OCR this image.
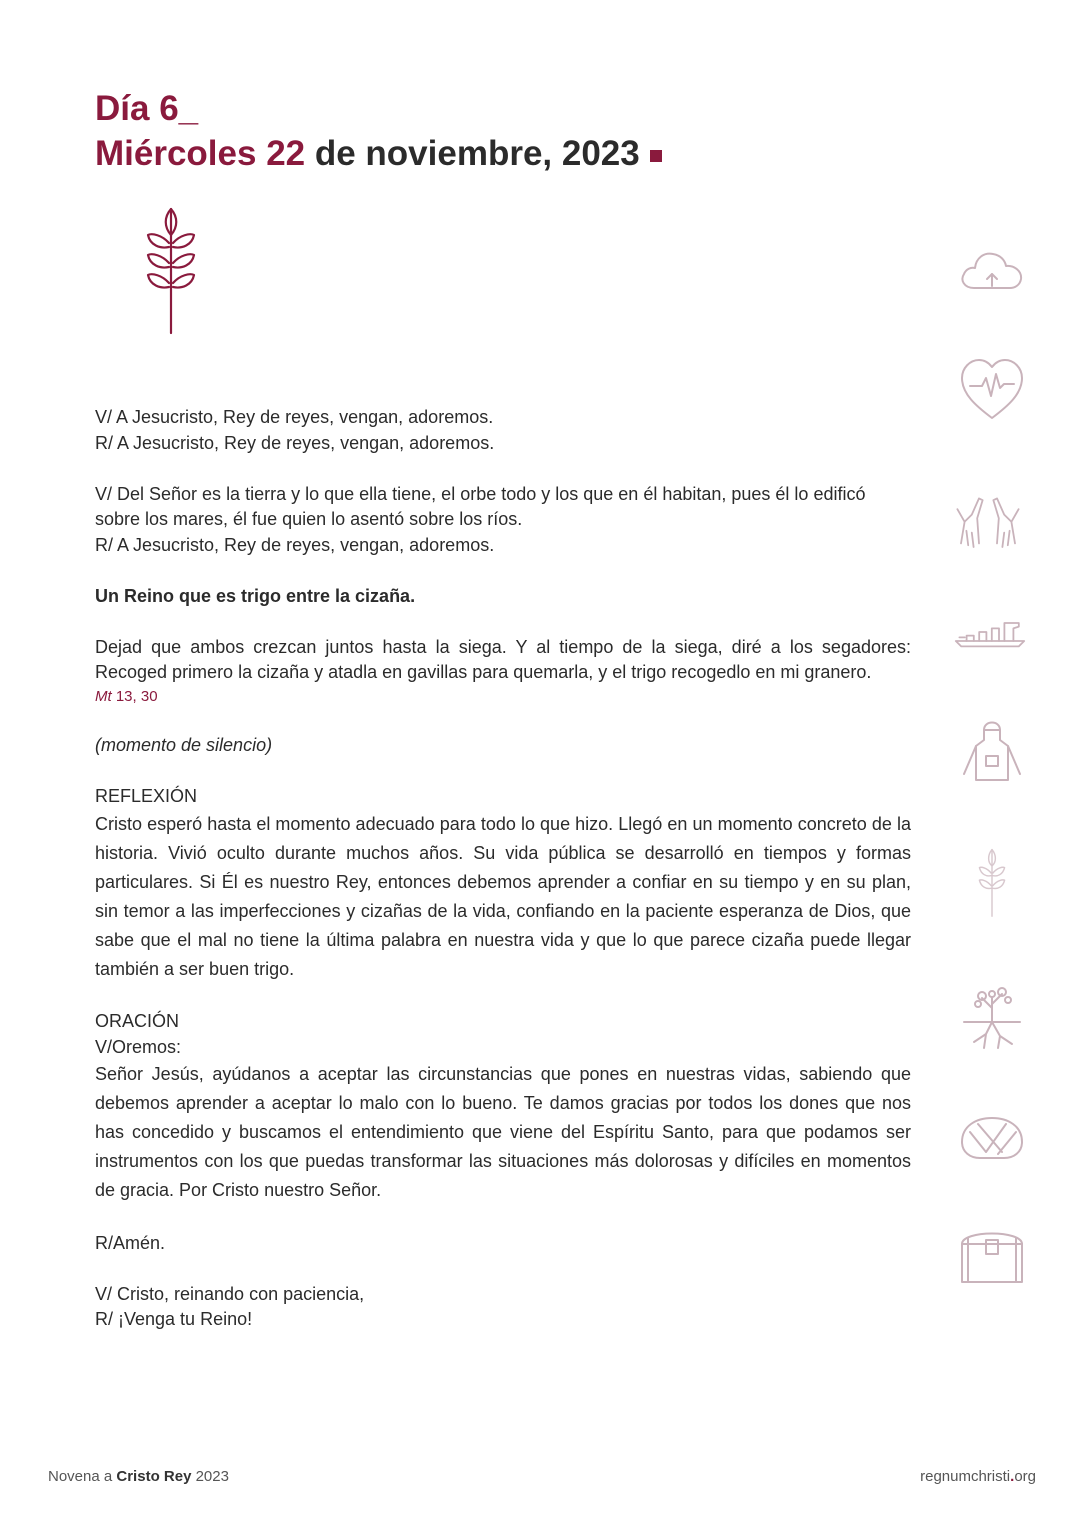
Día 6_
Miércoles 22 de noviembre, 2023

V/ A Jesucristo, Rey de reyes, vengan, adoremos.

R/ A Jesucristo, Rey de reyes, vengan, adoremos.

V/ Del Señor es la tierra y lo que ella tiene, el orbe todo y los que en él habitan, pues él lo edificó sobre los mares, él fue quien lo asentó sobre los ríos.

R/ A Jesucristo, Rey de reyes, vengan, adoremos.

Un Reino que es trigo entre la cizaña.

Dejad que ambos crezcan juntos hasta la siega. Y al tiempo de la siega, diré a los segadores: Recoged primero la cizaña y atadla en gavillas para quemarla, y el trigo recogedlo en mi granero.

Mt 13, 30

(momento de silencio)

REFLEXIÓN

Cristo esperó hasta el momento adecuado para todo lo que hizo. Llegó en un momento concreto de la historia. Vivió oculto durante muchos años. Su vida pública se desarrolló en tiempos y formas particulares. Si Él es nuestro Rey, entonces debemos aprender a confiar en su tiempo y en su plan, sin temor a las imperfecciones y cizañas de la vida, confiando en la paciente esperanza de Dios, que sabe que el mal no tiene la última palabra en nuestra vida y que lo que parece cizaña puede llegar también a ser buen trigo.

ORACIÓN

V/Oremos:

Señor Jesús, ayúdanos a aceptar las circunstancias que pones en nuestras vidas, sabiendo que debemos aprender a aceptar lo malo con lo bueno. Te damos gracias por todos los dones que nos has concedido y buscamos el entendimiento que viene del Espíritu Santo, para que podamos ser instrumentos con los que puedas transformar las situaciones más dolorosas y difíciles en momentos de gracia. Por Cristo nuestro Señor.

R/Amén.

V/ Cristo, reinando con paciencia,

R/ ¡Venga tu Reino!

Novena a Cristo Rey 2023	regnumchristi.org
